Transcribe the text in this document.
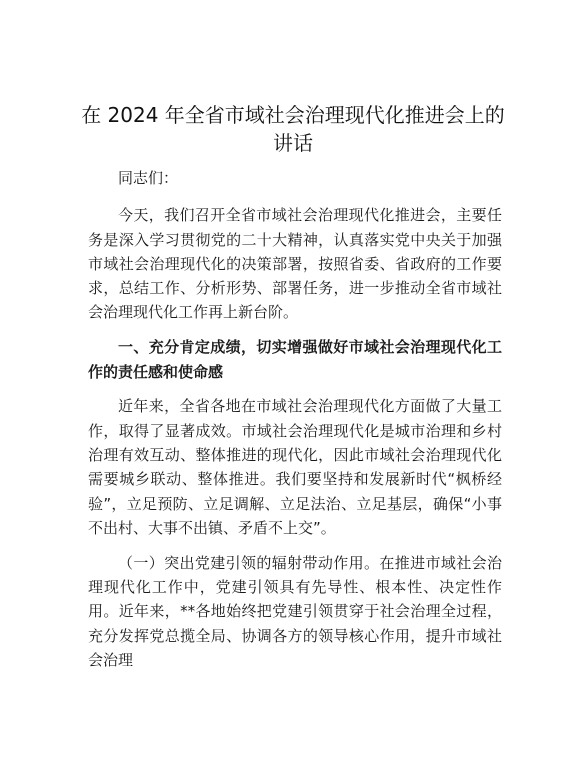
在 2024 年全省市域社会治理现代化推进会上的讲话

同志们：

今天，我们召开全省市域社会治理现代化推进会，主要任务是深入学习贯彻党的二十大精神，认真落实党中央关于加强市域社会治理现代化的决策部署，按照省委、省政府的工作要求，总结工作、分析形势、部署任务，进一步推动全省市域社会治理现代化工作再上新台阶。

一、充分肯定成绩，切实增强做好市域社会治理现代化工作的责任感和使命感

近年来，全省各地在市域社会治理现代化方面做了大量工作，取得了显著成效。市域社会治理现代化是城市治理和乡村治理有效互动、整体推进的现代化，因此市域社会治理现代化需要城乡联动、整体推进。我们要坚持和发展新时代“枫桥经验”，立足预防、立足调解、立足法治、立足基层，确保“小事不出村、大事不出镇、矛盾不上交”。

（一）突出党建引领的辐射带动作用。在推进市域社会治理现代化工作中，党建引领具有先导性、根本性、决定性作用。近年来，**各地始终把党建引领贯穿于社会治理全过程，充分发挥党总揽全局、协调各方的领导核心作用，提升市域社会治理
